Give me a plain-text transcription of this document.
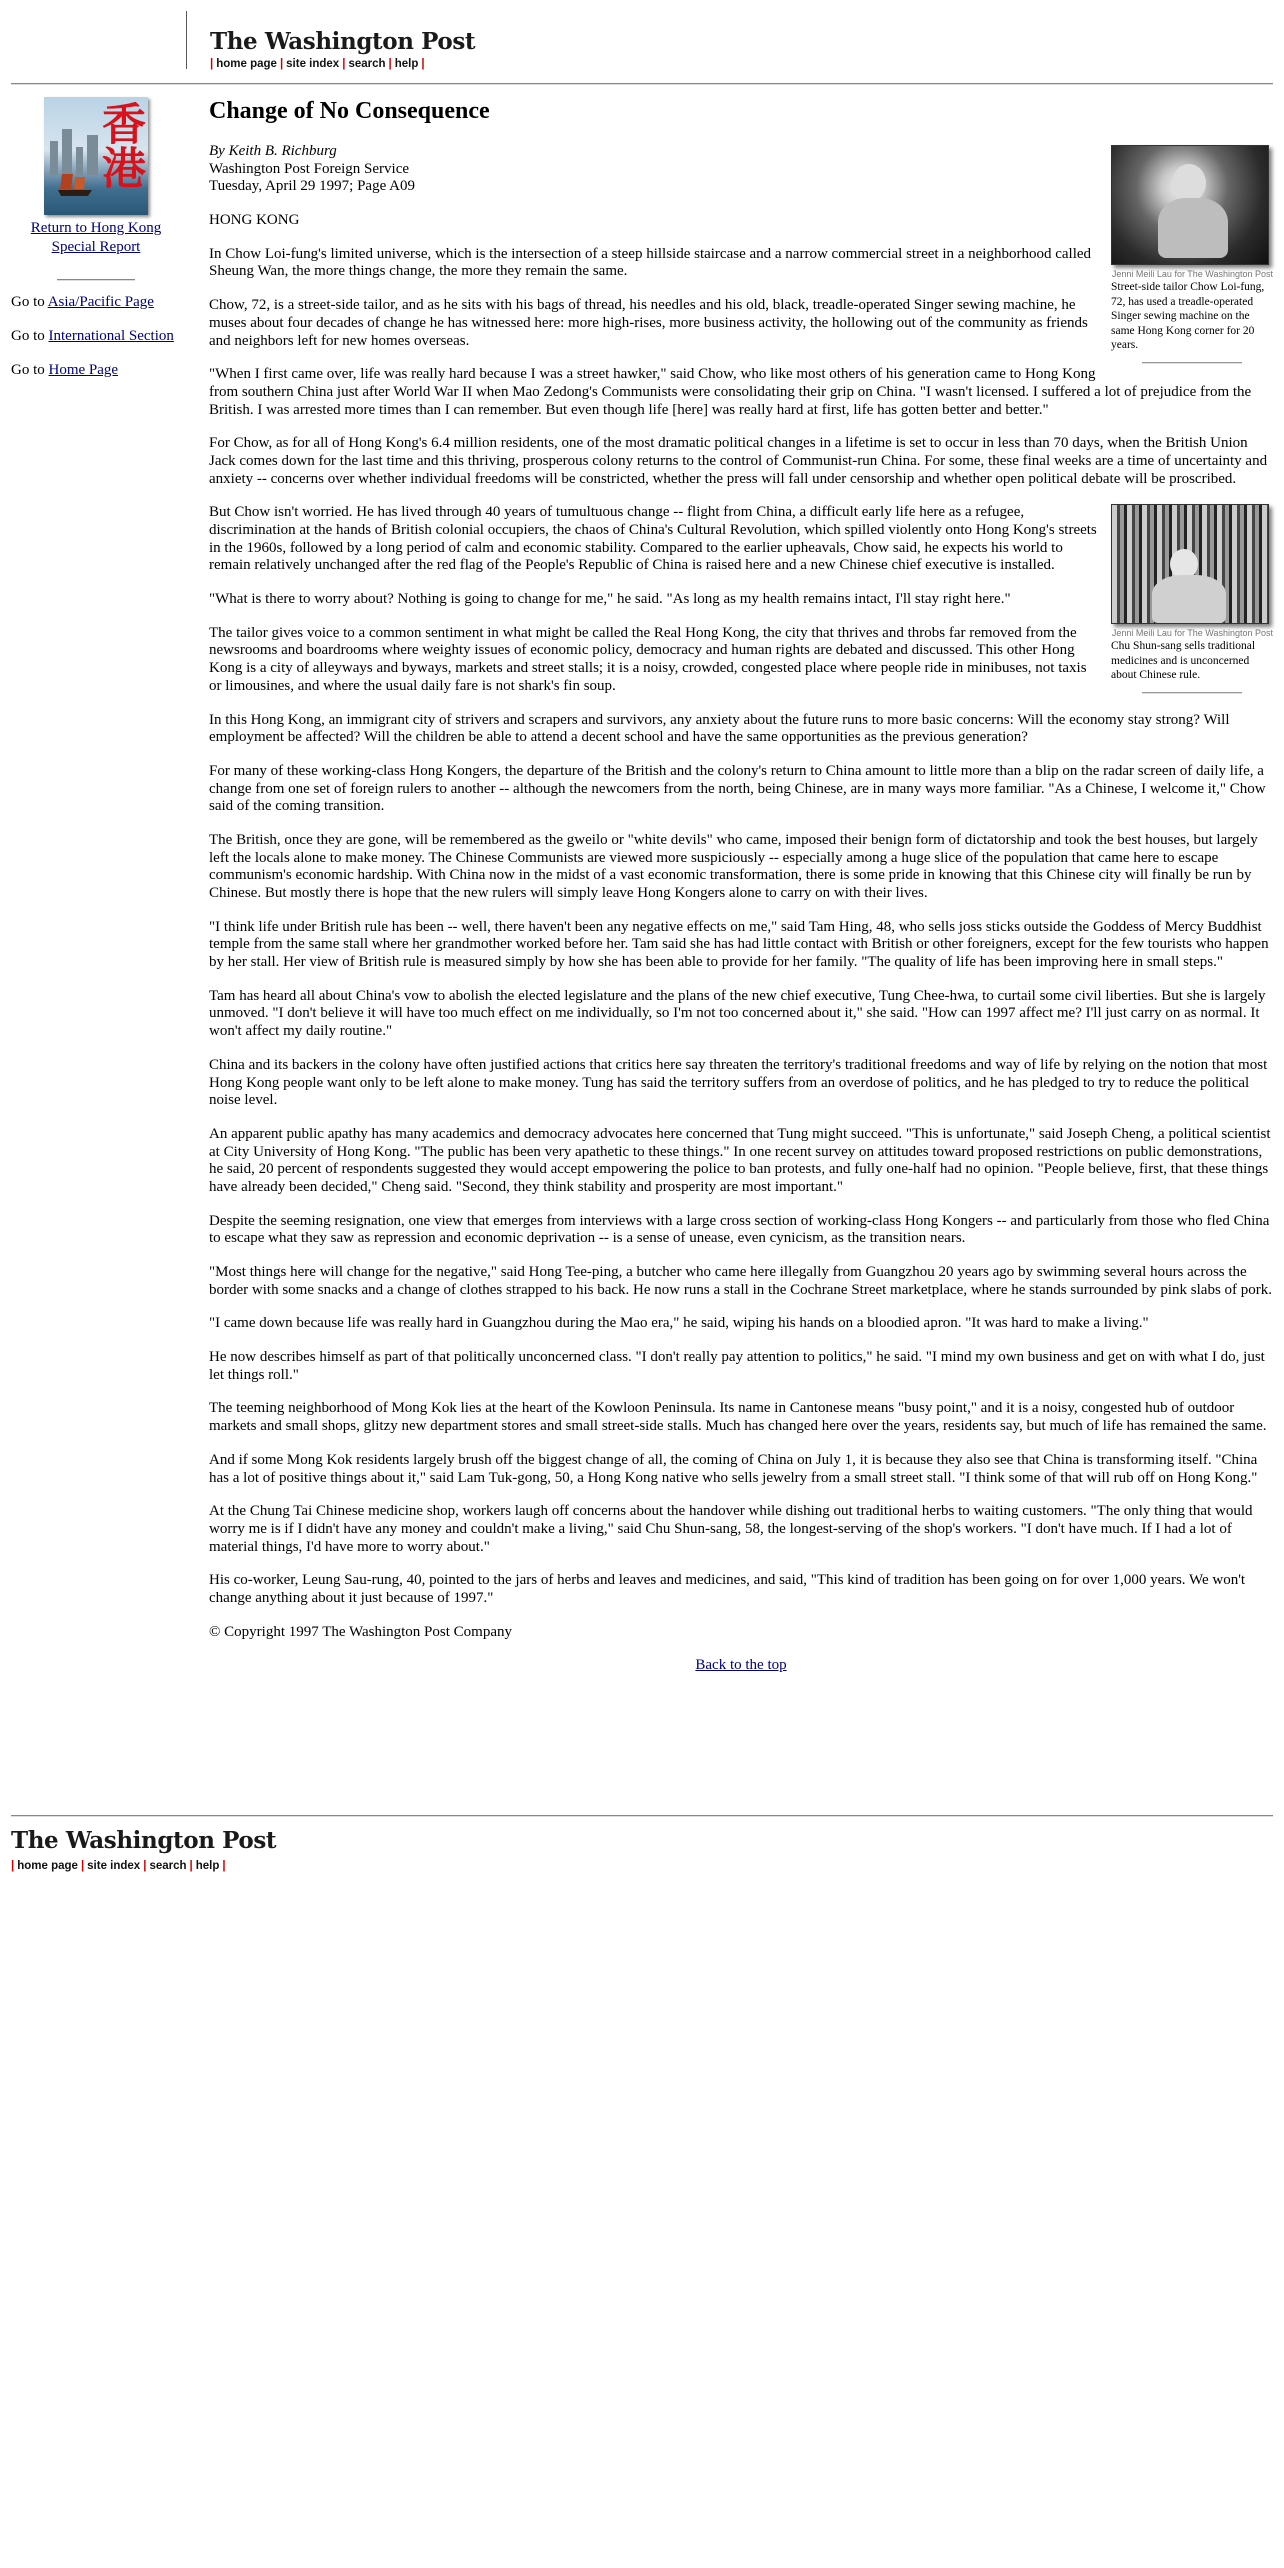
The Washington Post
| home page | site index | search | help |
香港
Return to Hong Kong Special Report
Go to Asia/Pacific Page
Go to International Section
Go to Home Page
Change of No Consequence
Jenni Meili Lau for The Washington Post
Street-side tailor Chow Loi-fung, 72, has used a treadle-operated Singer sewing machine on the same Hong Kong corner for 20 years.

By Keith B. Richburg

Washington Post Foreign Service

Tuesday, April 29 1997; Page A09

HONG KONG

In Chow Loi-fung's limited universe, which is the intersection of a steep hillside staircase and a narrow commercial street in a neighborhood called Sheung Wan, the more things change, the more they remain the same.

Chow, 72, is a street-side tailor, and as he sits with his bags of thread, his needles and his old, black, treadle-operated Singer sewing machine, he muses about four decades of change he has witnessed here: more high-rises, more business activity, the hollowing out of the community as friends and neighbors left for new homes overseas.

"When I first came over, life was really hard because I was a street hawker," said Chow, who like most others of his generation came to Hong Kong from southern China just after World War II when Mao Zedong's Communists were consolidating their grip on China. "I wasn't licensed. I suffered a lot of prejudice from the British. I was arrested more times than I can remember. But even though life [here] was really hard at first, life has gotten better and better."

For Chow, as for all of Hong Kong's 6.4 million residents, one of the most dramatic political changes in a lifetime is set to occur in less than 70 days, when the British Union Jack comes down for the last time and this thriving, prosperous colony returns to the control of Communist-run China. For some, these final weeks are a time of uncertainty and anxiety -- concerns over whether individual freedoms will be constricted, whether the press will fall under censorship and whether open political debate will be proscribed.

Jenni Meili Lau for The Washington Post
Chu Shun-sang sells traditional medicines and is unconcerned about Chinese rule.

But Chow isn't worried. He has lived through 40 years of tumultuous change -- flight from China, a difficult early life here as a refugee, discrimination at the hands of British colonial occupiers, the chaos of China's Cultural Revolution, which spilled violently onto Hong Kong's streets in the 1960s, followed by a long period of calm and economic stability. Compared to the earlier upheavals, Chow said, he expects his world to remain relatively unchanged after the red flag of the People's Republic of China is raised here and a new Chinese chief executive is installed.

"What is there to worry about? Nothing is going to change for me," he said. "As long as my health remains intact, I'll stay right here."

The tailor gives voice to a common sentiment in what might be called the Real Hong Kong, the city that thrives and throbs far removed from the newsrooms and boardrooms where weighty issues of economic policy, democracy and human rights are debated and discussed. This other Hong Kong is a city of alleyways and byways, markets and street stalls; it is a noisy, crowded, congested place where people ride in minibuses, not taxis or limousines, and where the usual daily fare is not shark's fin soup.

In this Hong Kong, an immigrant city of strivers and scrapers and survivors, any anxiety about the future runs to more basic concerns: Will the economy stay strong? Will employment be affected? Will the children be able to attend a decent school and have the same opportunities as the previous generation?

For many of these working-class Hong Kongers, the departure of the British and the colony's return to China amount to little more than a blip on the radar screen of daily life, a change from one set of foreign rulers to another -- although the newcomers from the north, being Chinese, are in many ways more familiar. "As a Chinese, I welcome it," Chow said of the coming transition.

The British, once they are gone, will be remembered as the gweilo or "white devils" who came, imposed their benign form of dictatorship and took the best houses, but largely left the locals alone to make money. The Chinese Communists are viewed more suspiciously -- especially among a huge slice of the population that came here to escape communism's economic hardship. With China now in the midst of a vast economic transformation, there is some pride in knowing that this Chinese city will finally be run by Chinese. But mostly there is hope that the new rulers will simply leave Hong Kongers alone to carry on with their lives.

"I think life under British rule has been -- well, there haven't been any negative effects on me," said Tam Hing, 48, who sells joss sticks outside the Goddess of Mercy Buddhist temple from the same stall where her grandmother worked before her. Tam said she has had little contact with British or other foreigners, except for the few tourists who happen by her stall. Her view of British rule is measured simply by how she has been able to provide for her family. "The quality of life has been improving here in small steps."

Tam has heard all about China's vow to abolish the elected legislature and the plans of the new chief executive, Tung Chee-hwa, to curtail some civil liberties. But she is largely unmoved. "I don't believe it will have too much effect on me individually, so I'm not too concerned about it," she said. "How can 1997 affect me? I'll just carry on as normal. It won't affect my daily routine."

China and its backers in the colony have often justified actions that critics here say threaten the territory's traditional freedoms and way of life by relying on the notion that most Hong Kong people want only to be left alone to make money. Tung has said the territory suffers from an overdose of politics, and he has pledged to try to reduce the political noise level.

An apparent public apathy has many academics and democracy advocates here concerned that Tung might succeed. "This is unfortunate," said Joseph Cheng, a political scientist at City University of Hong Kong. "The public has been very apathetic to these things." In one recent survey on attitudes toward proposed restrictions on public demonstrations, he said, 20 percent of respondents suggested they would accept empowering the police to ban protests, and fully one-half had no opinion. "People believe, first, that these things have already been decided," Cheng said. "Second, they think stability and prosperity are most important."

Despite the seeming resignation, one view that emerges from interviews with a large cross section of working-class Hong Kongers -- and particularly from those who fled China to escape what they saw as repression and economic deprivation -- is a sense of unease, even cynicism, as the transition nears.

"Most things here will change for the negative," said Hong Tee-ping, a butcher who came here illegally from Guangzhou 20 years ago by swimming several hours across the border with some snacks and a change of clothes strapped to his back. He now runs a stall in the Cochrane Street marketplace, where he stands surrounded by pink slabs of pork.

"I came down because life was really hard in Guangzhou during the Mao era," he said, wiping his hands on a bloodied apron. "It was hard to make a living."

He now describes himself as part of that politically unconcerned class. "I don't really pay attention to politics," he said. "I mind my own business and get on with what I do, just let things roll."

The teeming neighborhood of Mong Kok lies at the heart of the Kowloon Peninsula. Its name in Cantonese means "busy point," and it is a noisy, congested hub of outdoor markets and small shops, glitzy new department stores and small street-side stalls. Much has changed here over the years, residents say, but much of life has remained the same.

And if some Mong Kok residents largely brush off the biggest change of all, the coming of China on July 1, it is because they also see that China is transforming itself. "China has a lot of positive things about it," said Lam Tuk-gong, 50, a Hong Kong native who sells jewelry from a small street stall. "I think some of that will rub off on Hong Kong."

At the Chung Tai Chinese medicine shop, workers laugh off concerns about the handover while dishing out traditional herbs to waiting customers. "The only thing that would worry me is if I didn't have any money and couldn't make a living," said Chu Shun-sang, 58, the longest-serving of the shop's workers. "I don't have much. If I had a lot of material things, I'd have more to worry about."

His co-worker, Leung Sau-rung, 40, pointed to the jars of herbs and leaves and medicines, and said, "This kind of tradition has been going on for over 1,000 years. We won't change anything about it just because of 1997."

© Copyright 1997 The Washington Post Company

Back to the top
The Washington Post
| home page | site index | search | help |
